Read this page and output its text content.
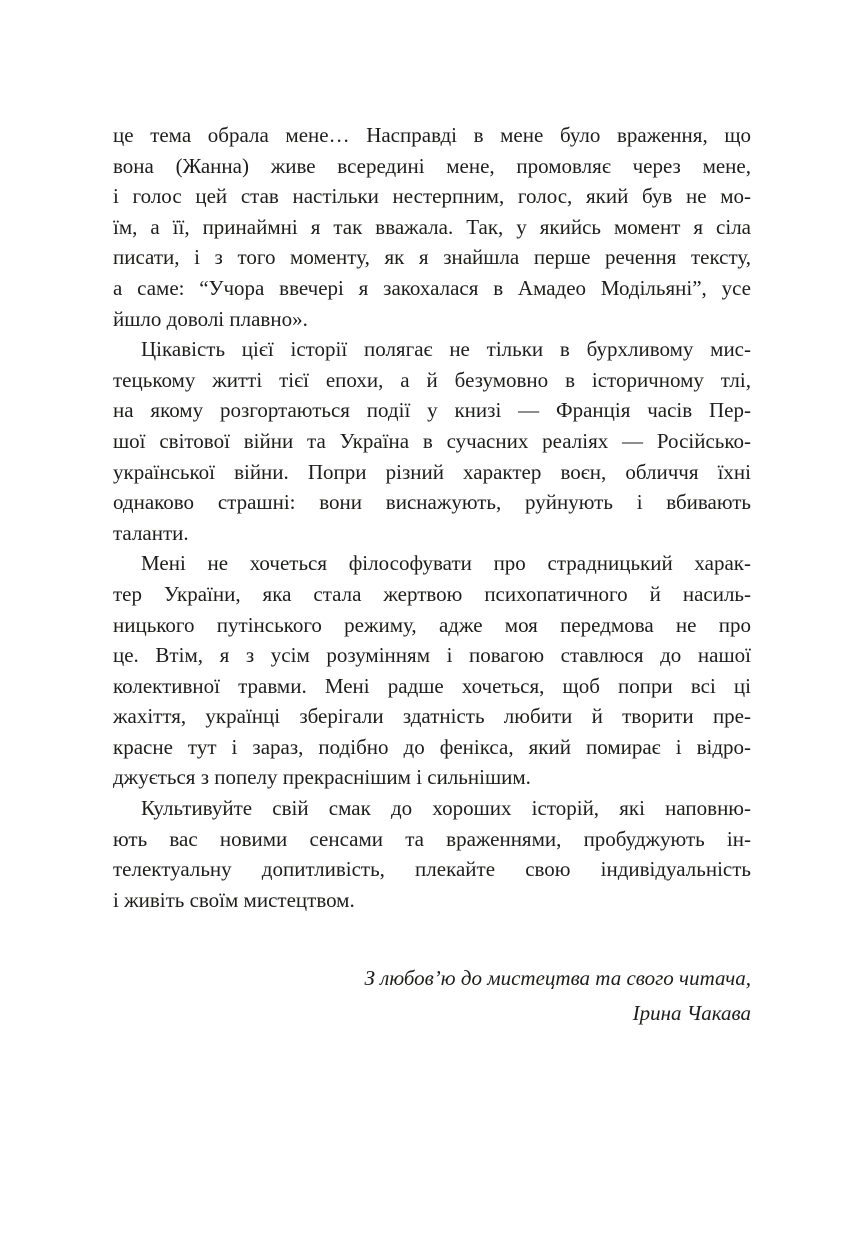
це тема обрала мене… Насправді в мене було враження, що
вона (Жанна) живе всередині мене, промовляє через мене,
і голос цей став настільки нестерпним, голос, який був не мо-
їм, а її, принаймні я так вважала. Так, у якийсь момент я сіла
писати, і з того моменту, як я знайшла перше речення тексту,
а саме: “Учора ввечері я закохалася в Амадео Модільяні”, усе
йшло доволі плавно».
Цікавість цієї історії полягає не тільки в бурхливому мис-
тецькому житті тієї епохи, а й безумовно в історичному тлі,
на якому розгортаються події у книзі — Франція часів Пер-
шої світової війни та Україна в сучасних реаліях — Російсько-
української війни. Попри різний характер воєн, обличчя їхні
однаково страшні: вони виснажують, руйнують і вбивають
таланти.
Мені не хочеться філософувати про страдницький харак-
тер України, яка стала жертвою психопатичного й насиль-
ницького путінського режиму, адже моя передмова не про
це. Втім, я з усім розумінням і повагою ставлюся до нашої
колективної травми. Мені радше хочеться, щоб попри всі ці
жахіття, українці зберігали здатність любити й творити пре-
красне тут і зараз, подібно до фенікса, який помирає і відро-
джується з попелу прекраснішим і сильнішим.
Культивуйте свій смак до хороших історій, які наповню-
ють вас новими сенсами та враженнями, пробуджують ін-
телектуальну допитливість, плекайте свою індивідуальність
і живіть своїм мистецтвом.
З любов’ю до мистецтва та свого читача,
Ірина Чакава
